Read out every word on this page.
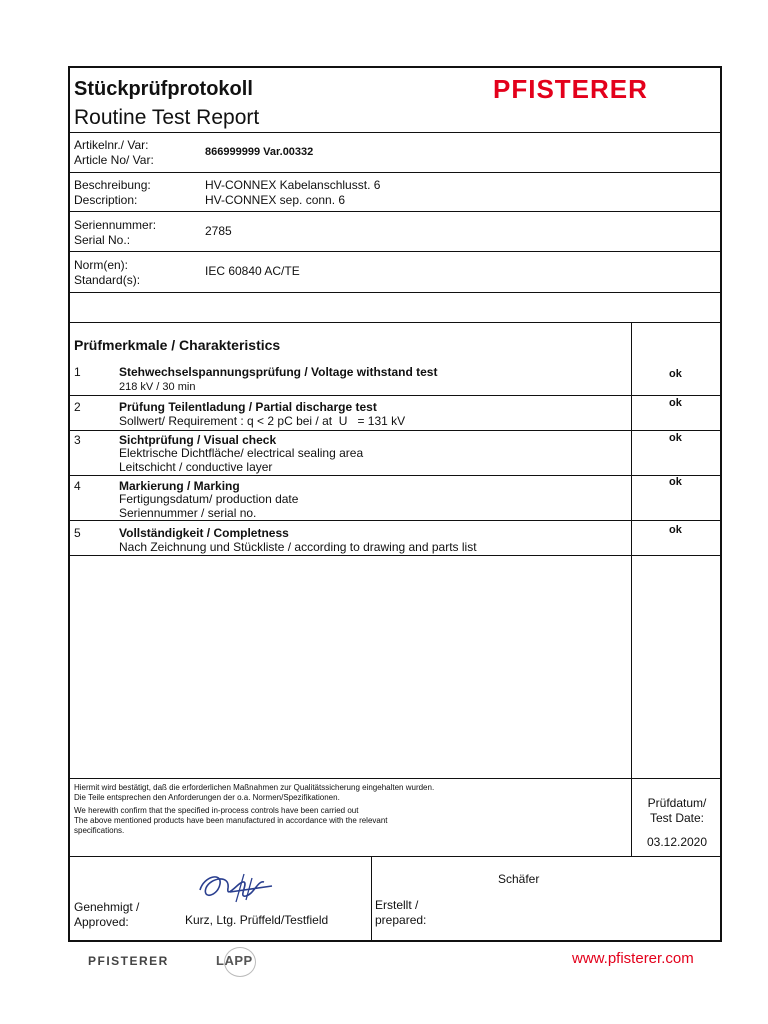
Stückprüfprotokoll
Routine Test Report
PFISTERER
Artikelnr./ Var:
Article No/ Var:
866999999 Var.00332
Beschreibung:
Description:
HV-CONNEX Kabelanschlusst. 6
HV-CONNEX sep. conn. 6
Seriennummer:
Serial No.:
2785
Norm(en):
Standard(s):
IEC 60840 AC/TE
Prüfmerkmale / Charakteristics
1	Stehwechselspannungsprüfung / Voltage withstand test
218 kV / 30 min
ok
2	Prüfung Teilentladung / Partial discharge test
Sollwert/ Requirement : q < 2 pC bei / at  U   = 131 kV
ok
3	Sichtprüfung / Visual check
Elektrische Dichtfläche/ electrical sealing area
Leitschicht / conductive layer
ok
4	Markierung / Marking
Fertigungsdatum/ production date
Seriennummer / serial no.
ok
5	Vollständigkeit / Completness
Nach Zeichnung und Stückliste / according to drawing and parts list
ok
Hiermit wird bestätigt, daß die erforderlichen Maßnahmen zur Qualitätssicherung eingehalten wurden.
Die Teile entsprechen den Anforderungen der o.a. Normen/Spezifikationen.
We herewith confirm that the specified in-process controls have been carried out
The above mentioned products have been manufactured in accordance with the relevant
specifications.
Prüfdatum/
Test Date:
03.12.2020
Genehmigt /
Approved:	Kurz, Ltg. Prüffeld/Testfield
Schäfer
Erstellt /
prepared:
PFISTERER	LAPP	www.pfisterer.com
